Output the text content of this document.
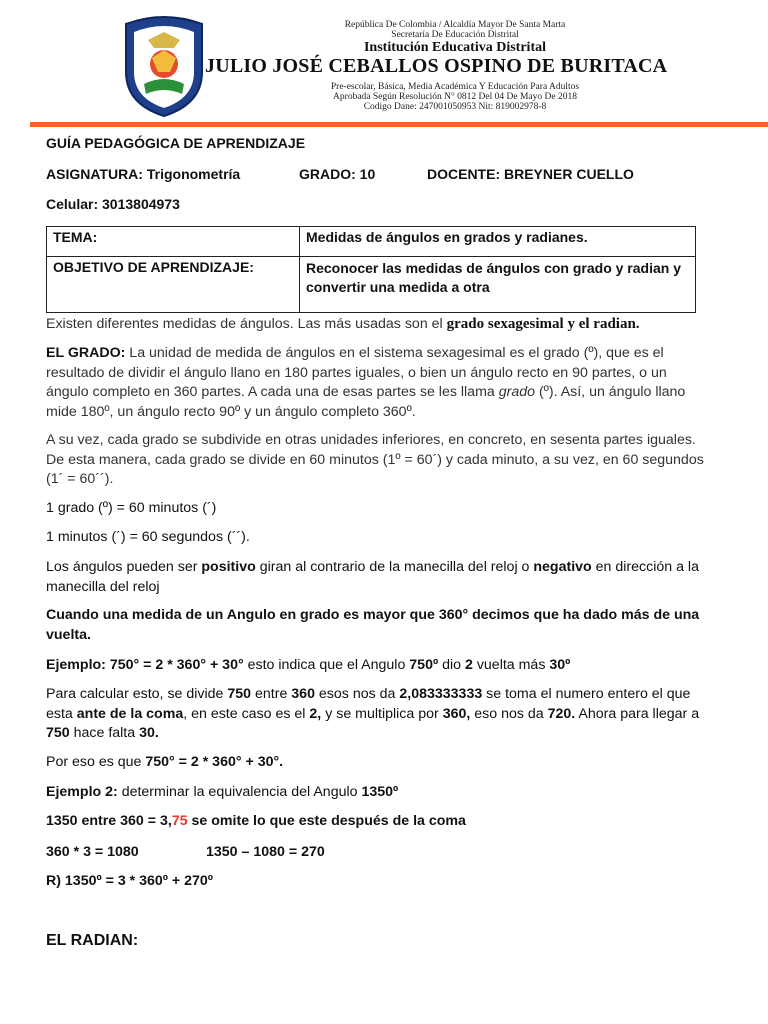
República De Colombia / Alcaldía Mayor De Santa Marta
Secretaría De Educación Distrital
Institución Educativa Distrital
JULIO JOSÉ CEBALLOS OSPINO DE BURITACA
Pre-escolar, Básica, Media Académica Y Educación Para Adultos
Aprobada Según Resolución N° 0812 Del 04 De Mayo De 2018
Codigo Dane: 247001050953 Nit: 819002978-8
GUÍA PEDAGÓGICA DE APRENDIZAJE
ASIGNATURA: Trigonometría	GRADO: 10	DOCENTE: BREYNER CUELLO
Celular: 3013804973
TEMA:	Medidas de ángulos en grados y radianes.
OBJETIVO DE APRENDIZAJE:	Reconocer las medidas de ángulos con grado y radian y convertir una medida a otra

Existen diferentes medidas de ángulos. Las más usadas son el grado sexagesimal y el radian.

EL GRADO: La unidad de medida de ángulos en el sistema sexagesimal es el grado (º), que es el resultado de dividir el ángulo llano en 180 partes iguales, o bien un ángulo recto en 90 partes, o un ángulo completo en 360 partes. A cada una de esas partes se les llama grado (º). Así, un ángulo llano mide 180º, un ángulo recto 90º y un ángulo completo 360º.

A su vez, cada grado se subdivide en otras unidades inferiores, en concreto, en sesenta partes iguales. De esta manera, cada grado se divide en 60 minutos (1º = 60´) y cada minuto, a su vez, en 60 segundos (1´ = 60´´).

1 grado (º) = 60 minutos (´)

1 minutos (´) = 60 segundos (´´).

Los ángulos pueden ser positivo giran al contrario de la manecilla del reloj o negativo en dirección a la manecilla del reloj

Cuando una medida de un Angulo en grado es mayor que 360° decimos que ha dado más de una vuelta.

Ejemplo: 750° = 2 * 360° + 30° esto indica que el Angulo 750º dio 2 vuelta más 30º

Para calcular esto, se divide 750 entre 360 esos nos da 2,083333333 se toma el numero entero el que esta ante de la coma, en este caso es el 2, y se multiplica por 360, eso nos da 720. Ahora para llegar a 750 hace falta 30.

Por eso es que 750° = 2 * 360° + 30°.

Ejemplo 2: determinar la equivalencia del Angulo 1350º

1350 entre 360 = 3,75 se omite lo que este después de la coma

360 * 3 = 1080	1350 – 1080 = 270

R) 1350º = 3 * 360º + 270º

EL RADIAN:
